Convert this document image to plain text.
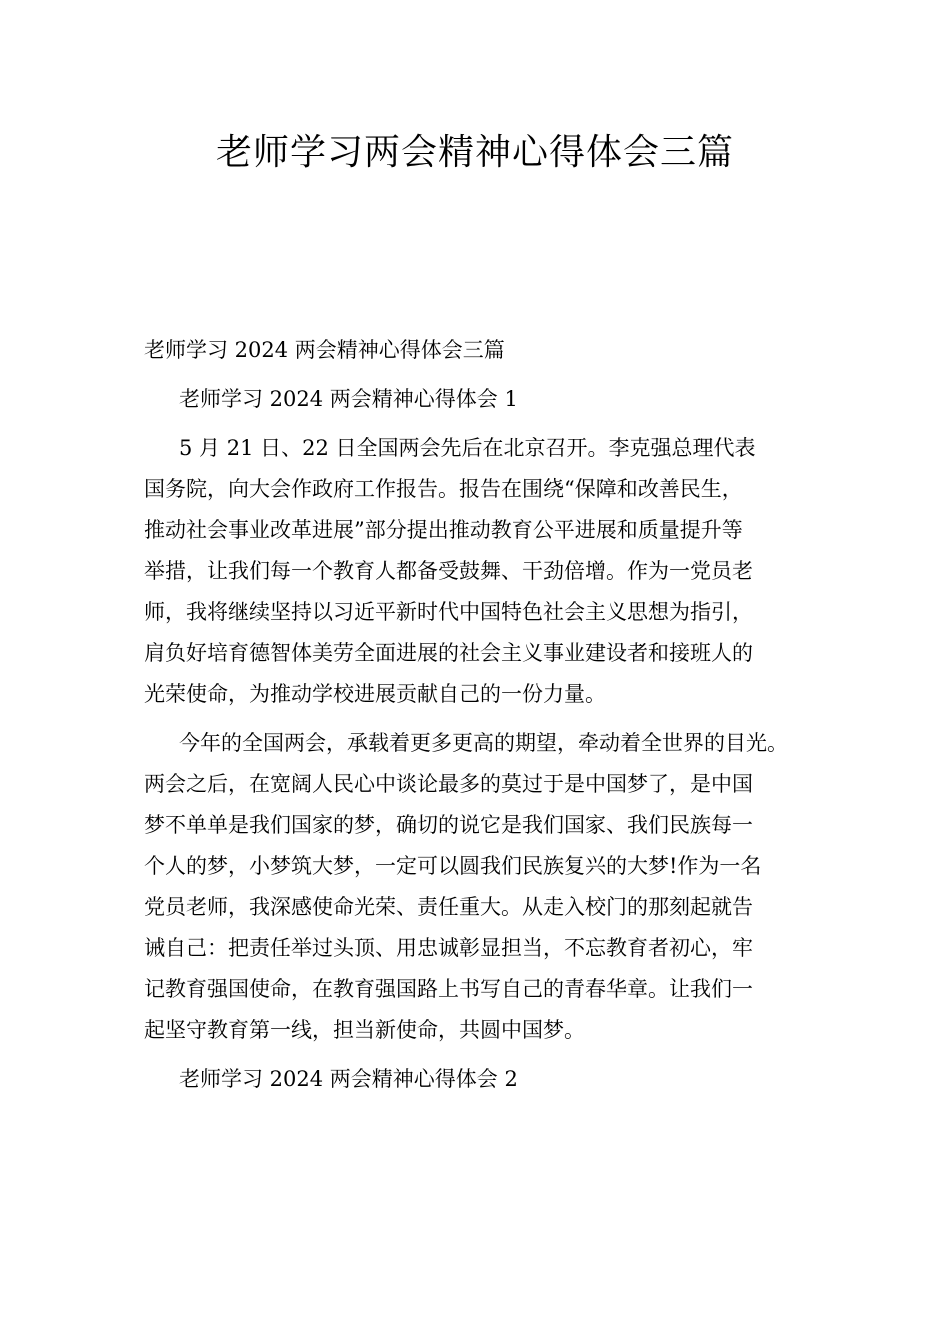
老师学习两会精神心得体会三篇

老师学习 2024 两会精神心得体会三篇

老师学习 2024 两会精神心得体会 1

5 月 21 日、22 日全国两会先后在北京召开。李克强总理代表

国务院，向大会作政府工作报告。报告在围绕“保障和改善民生，

推动社会事业改革进展”部分提出推动教育公平进展和质量提升等

举措，让我们每一个教育人都备受鼓舞、干劲倍增。作为一党员老

师，我将继续坚持以习近平新时代中国特色社会主义思想为指引，

肩负好培育德智体美劳全面进展的社会主义事业建设者和接班人的

光荣使命，为推动学校进展贡献自己的一份力量。

今年的全国两会，承载着更多更高的期望，牵动着全世界的目光。

两会之后，在宽阔人民心中谈论最多的莫过于是中国梦了，是中国

梦不单单是我们国家的梦，确切的说它是我们国家、我们民族每一

个人的梦，小梦筑大梦，一定可以圆我们民族复兴的大梦!作为一名

党员老师，我深感使命光荣、责任重大。从走入校门的那刻起就告

诫自己：把责任举过头顶、用忠诚彰显担当，不忘教育者初心，牢

记教育强国使命，在教育强国路上书写自己的青春华章。让我们一

起坚守教育第一线，担当新使命，共圆中国梦。

老师学习 2024 两会精神心得体会 2
